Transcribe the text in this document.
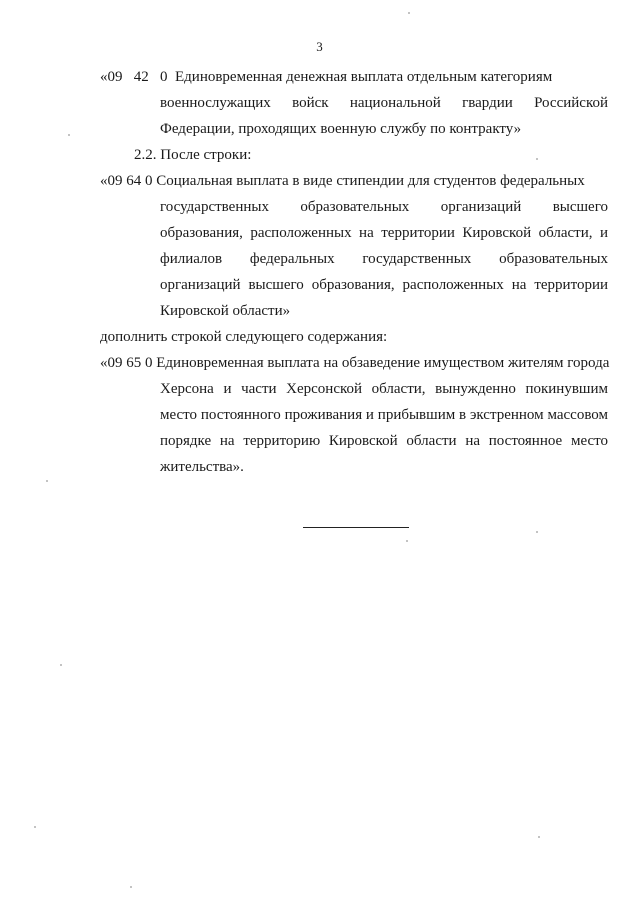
3
«09   42   0  Единовременная денежная выплата отдельным категориям
военнослужащих войск национальной гвардии Российской Федерации, проходящих военную службу по контракту»
2.2. После строки:
«09 64 0 Социальная выплата в виде стипендии для студентов федеральных
государственных образовательных организаций высшего образования, расположенных на территории Кировской области, и филиалов федеральных государственных образовательных организаций высшего образования, расположенных на территории Кировской области»
дополнить строкой следующего содержания:
«09 65 0 Единовременная выплата на обзаведение имуществом жителям города
Херсона и части Херсонской области, вынужденно покинувшим место постоянного проживания и прибывшим в экстренном массовом порядке на территорию Кировской области на постоянное место жительства».
